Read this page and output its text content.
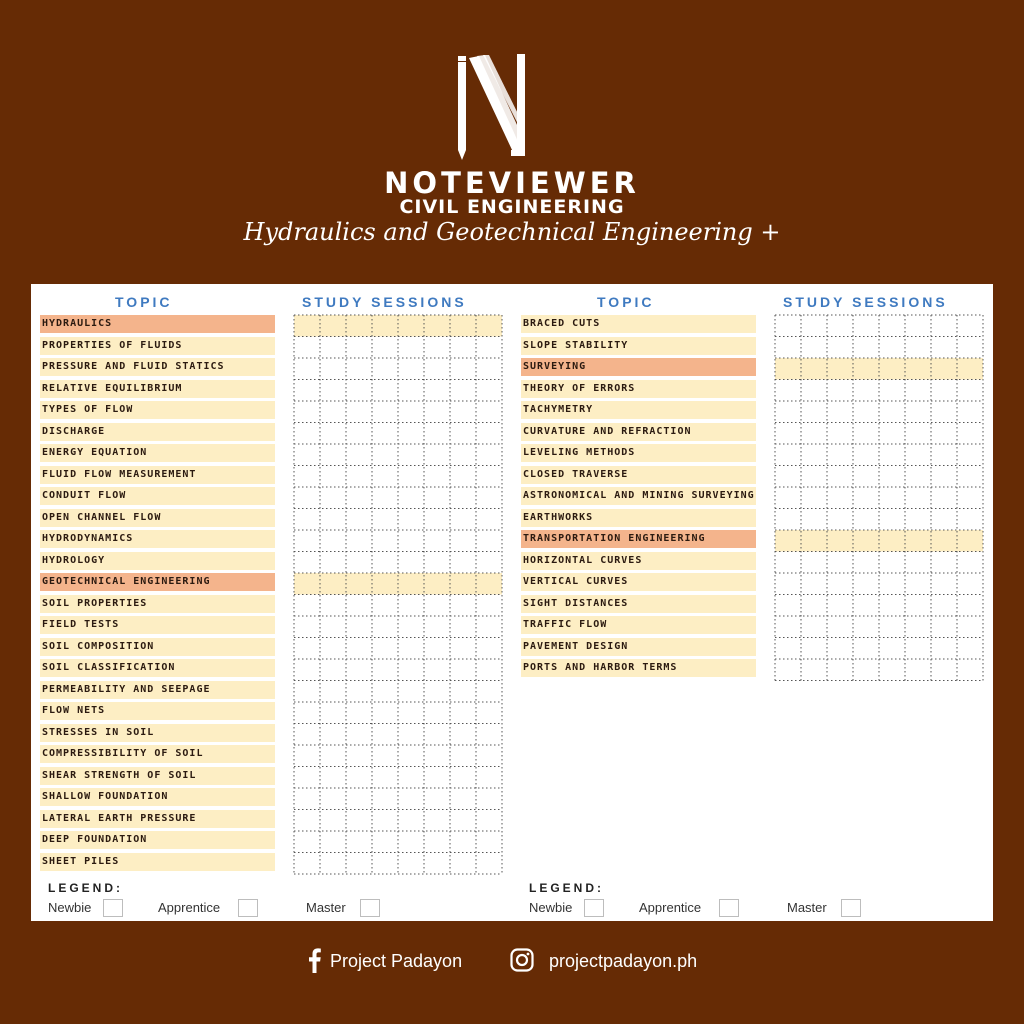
NOTEVIEWER
CIVIL ENGINEERING
Hydraulics and Geotechnical Engineering +
TOPIC	STUDY SESSIONS
HYDRAULICS
PROPERTIES OF FLUIDS
PRESSURE AND FLUID STATICS
RELATIVE EQUILIBRIUM
TYPES OF FLOW
DISCHARGE
ENERGY EQUATION
FLUID FLOW MEASUREMENT
CONDUIT FLOW
OPEN CHANNEL FLOW
HYDRODYNAMICS
HYDROLOGY
GEOTECHNICAL ENGINEERING
SOIL PROPERTIES
FIELD TESTS
SOIL COMPOSITION
SOIL CLASSIFICATION
PERMEABILITY AND SEEPAGE
FLOW NETS
STRESSES IN SOIL
COMPRESSIBILITY OF SOIL
SHEAR STRENGTH OF SOIL
SHALLOW FOUNDATION
LATERAL EARTH PRESSURE
DEEP FOUNDATION
SHEET PILES
TOPIC	STUDY SESSIONS
BRACED CUTS
SLOPE STABILITY
SURVEYING
THEORY OF ERRORS
TACHYMETRY
CURVATURE AND REFRACTION
LEVELING METHODS
CLOSED TRAVERSE
ASTRONOMICAL AND MINING SURVEYING
EARTHWORKS
TRANSPORTATION ENGINEERING
HORIZONTAL CURVES
VERTICAL CURVES
SIGHT DISTANCES
TRAFFIC FLOW
PAVEMENT DESIGN
PORTS AND HARBOR TERMS
LEGEND:
Newbie	Apprentice	Master
LEGEND:
Newbie	Apprentice	Master
Project Padayon	projectpadayon.ph
